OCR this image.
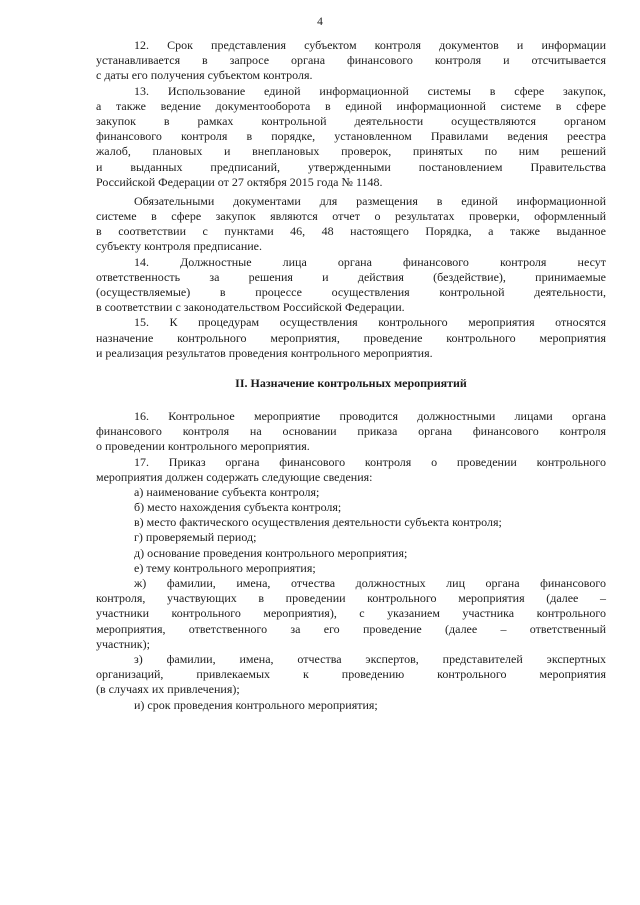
4
12. Срок представления субъектом контроля документов и информации
устанавливается в запросе органа финансового контроля и отсчитывается
с даты его получения субъектом контроля.
13. Использование единой информационной системы в сфере закупок,
а также ведение документооборота в единой информационной системе в сфере
закупок в рамках контрольной деятельности осуществляются органом
финансового контроля в порядке, установленном Правилами ведения реестра
жалоб, плановых и внеплановых проверок, принятых по ним решений
и выданных предписаний, утвержденными постановлением Правительства
Российской Федерации от 27 октября 2015 года № 1148.
Обязательными документами для размещения в единой информационной
системе в сфере закупок являются отчет о результатах проверки, оформленный
в соответствии с пунктами 46, 48 настоящего Порядка, а также выданное
субъекту контроля предписание.
14. Должностные лица органа финансового контроля несут
ответственность за решения и действия (бездействие), принимаемые
(осуществляемые) в процессе осуществления контрольной деятельности,
в соответствии с законодательством Российской Федерации.
15. К процедурам осуществления контрольного мероприятия относятся
назначение контрольного мероприятия, проведение контрольного мероприятия
и реализация результатов проведения контрольного мероприятия.
II. Назначение контрольных мероприятий
16. Контрольное мероприятие проводится должностными лицами органа
финансового контроля на основании приказа органа финансового контроля
о проведении контрольного мероприятия.
17. Приказ органа финансового контроля о проведении контрольного
мероприятия должен содержать следующие сведения:
а) наименование субъекта контроля;
б) место нахождения субъекта контроля;
в) место фактического осуществления деятельности субъекта контроля;
г) проверяемый период;
д) основание проведения контрольного мероприятия;
е) тему контрольного мероприятия;
ж) фамилии, имена, отчества должностных лиц органа финансового
контроля, участвующих в проведении контрольного мероприятия (далее –
участники контрольного мероприятия), с указанием участника контрольного
мероприятия, ответственного за его проведение (далее – ответственный
участник);
з) фамилии, имена, отчества экспертов, представителей экспертных
организаций, привлекаемых к проведению контрольного мероприятия
(в случаях их привлечения);
и) срок проведения контрольного мероприятия;
